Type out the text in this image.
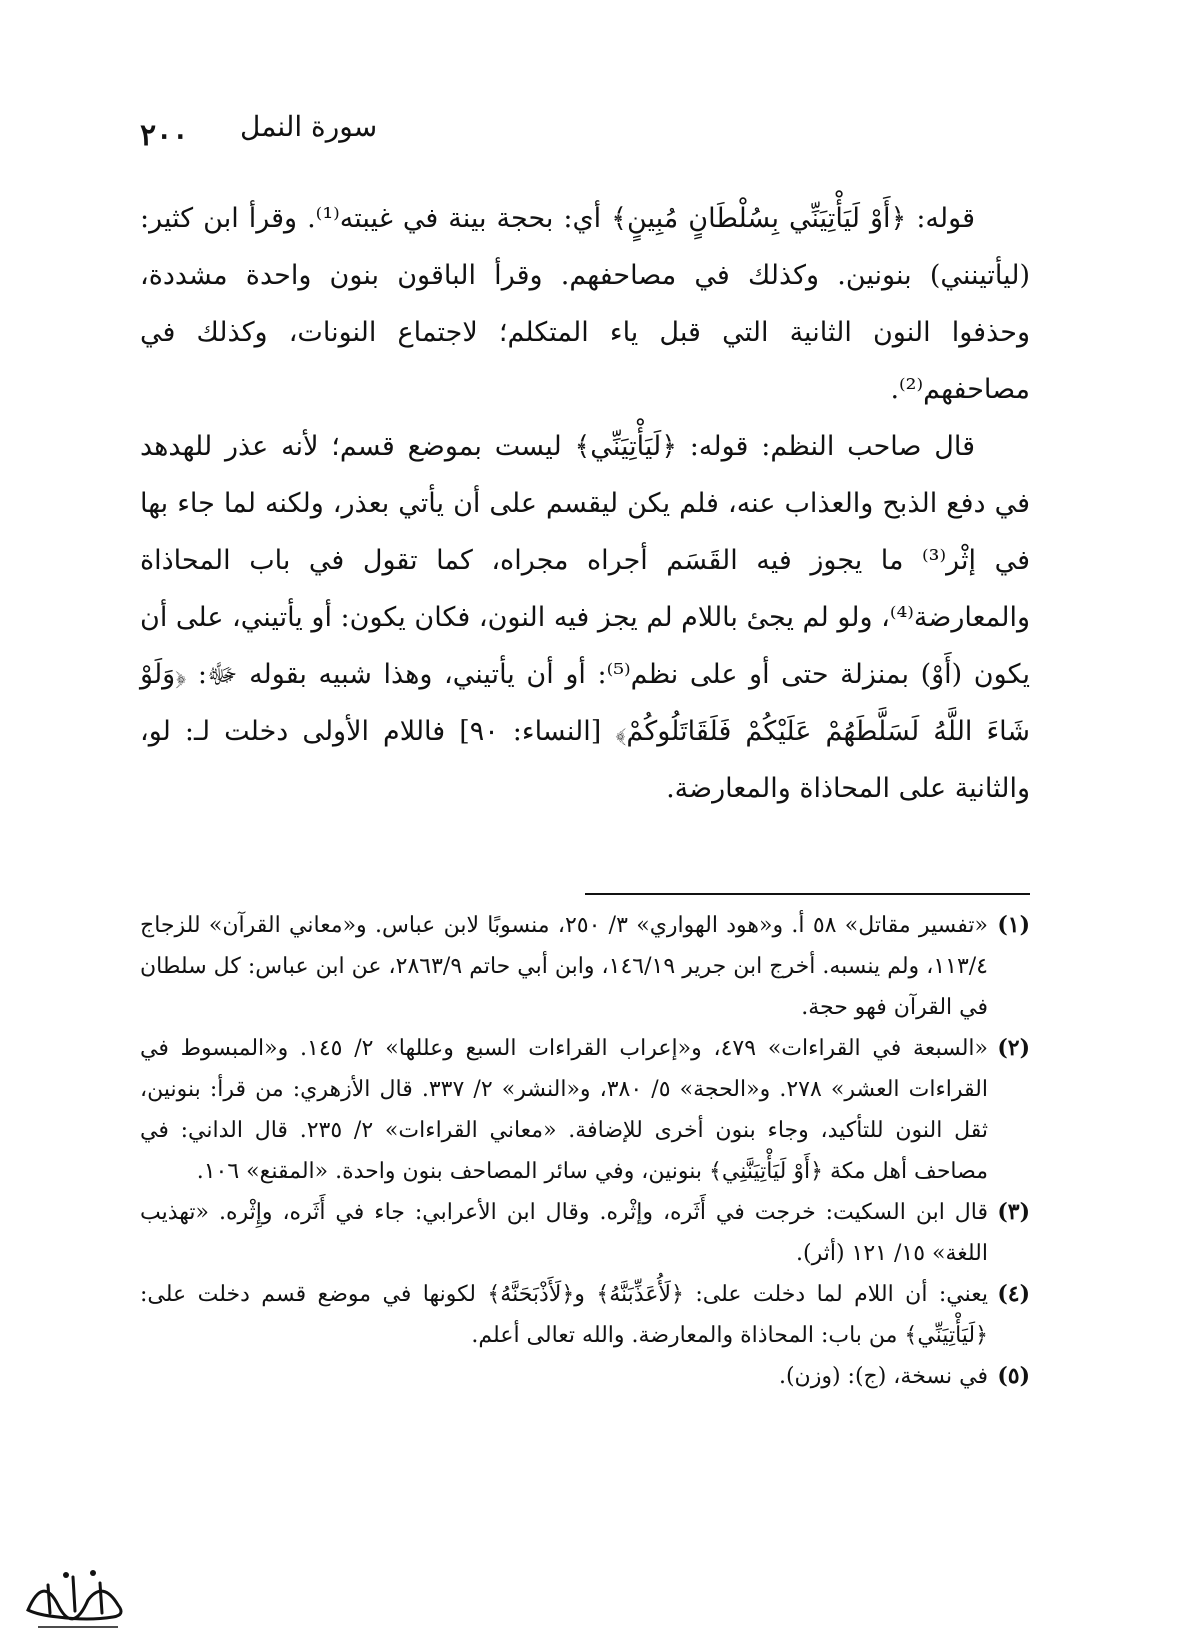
٢٠٠ سورة النمل

قوله: ﴿أَوْ لَيَأْتِيَنِّي بِسُلْطَانٍ مُبِينٍ﴾ أي: بحجة بينة في غيبته⁽¹⁾. وقرأ ابن كثير: (ليأتينني) بنونين. وكذلك في مصاحفهم. وقرأ الباقون بنون واحدة مشددة، وحذفوا النون الثانية التي قبل ياء المتكلم؛ لاجتماع النونات، وكذلك في مصاحفهم⁽²⁾.

قال صاحب النظم: قوله: ﴿لَيَأْتِيَنِّي﴾ ليست بموضع قسم؛ لأنه عذر للهدهد في دفع الذبح والعذاب عنه، فلم يكن ليقسم على أن يأتي بعذر، ولكنه لما جاء بها في إثْر⁽³⁾ ما يجوز فيه القَسَم أجراه مجراه، كما تقول في باب المحاذاة والمعارضة⁽⁴⁾، ولو لم يجئ باللام لم يجز فيه النون، فكان يكون: أو يأتيني، على أن يكون (أَوْ) بمنزلة حتى أو على نظم⁽⁵⁾: أو أن يأتيني، وهذا شبيه بقوله ﷻ: ﴿وَلَوْ شَاءَ اللَّهُ لَسَلَّطَهُمْ عَلَيْكُمْ فَلَقَاتَلُوكُمْ﴾ [النساء: ٩٠] فاللام الأولى دخلت لـ: لو، والثانية على المحاذاة والمعارضة.

(١)
«تفسير مقاتل» ٥٨ أ. و«هود الهواري» ٣/ ٢٥٠، منسوبًا لابن عباس. و«معاني القرآن» للزجاج ١١٣/٤، ولم ينسبه. أخرج ابن جرير ١٤٦/١٩، وابن أبي حاتم ٢٨٦٣/٩، عن ابن عباس: كل سلطان في القرآن فهو حجة.
(٢)
«السبعة في القراءات» ٤٧٩، و«إعراب القراءات السبع وعللها» ٢/ ١٤٥. و«المبسوط في القراءات العشر» ٢٧٨. و«الحجة» ٥/ ٣٨٠، و«النشر» ٢/ ٣٣٧. قال الأزهري: من قرأ: بنونين، ثقل النون للتأكيد، وجاء بنون أخرى للإضافة. «معاني القراءات» ٢/ ٢٣٥. قال الداني: في مصاحف أهل مكة ﴿أَوْ لَيَأْتِيَنَّنِي﴾ بنونين، وفي سائر المصاحف بنون واحدة. «المقنع» ١٠٦.
(٣)
قال ابن السكيت: خرجت في أَثَره، وإثْره. وقال ابن الأعرابي: جاء في أَثَره، وإِثْره. «تهذيب اللغة» ١٥/ ١٢١ (أثر).
(٤)
يعني: أن اللام لما دخلت على: ﴿لَأُعَذِّبَنَّهُ﴾ و﴿لَأَذْبَحَنَّهُ﴾ لكونها في موضع قسم دخلت على: ﴿لَيَأْتِيَنِّي﴾ من باب: المحاذاة والمعارضة. والله تعالى أعلم.
(٥)
في نسخة، (ج): (وزن).
